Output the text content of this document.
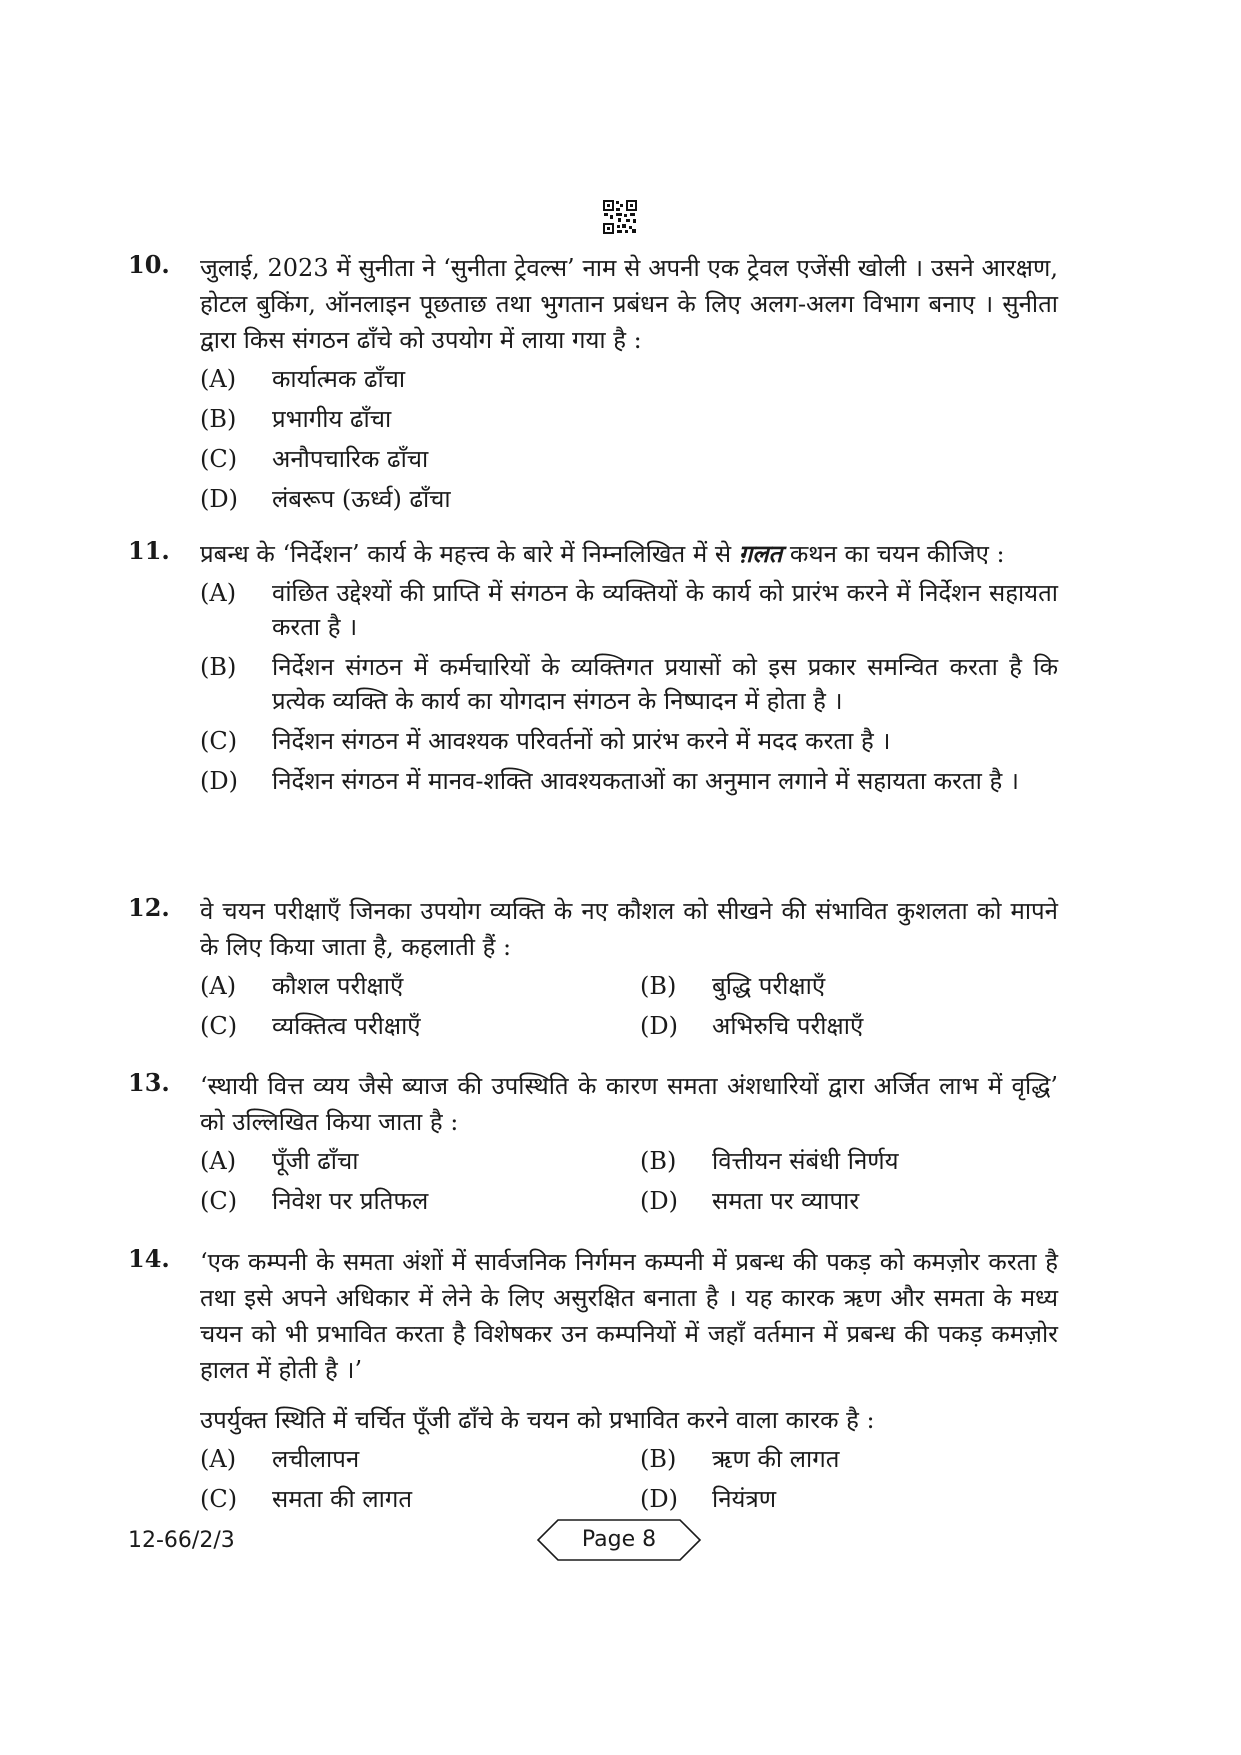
10. जुलाई, 2023 में सुनीता ने ‘सुनीता ट्रेवल्स’ नाम से अपनी एक ट्रेवल एजेंसी खोली । उसने आरक्षण, होटल बुकिंग, ऑनलाइन पूछताछ तथा भुगतान प्रबंधन के लिए अलग-अलग विभाग बनाए । सुनीता द्वारा किस संगठन ढाँचे को उपयोग में लाया गया है :
(A) कार्यात्मक ढाँचा
(B) प्रभागीय ढाँचा
(C) अनौपचारिक ढाँचा
(D) लंबरूप (ऊर्ध्व) ढाँचा
11. प्रबन्ध के ‘निर्देशन’ कार्य के महत्त्व के बारे में निम्नलिखित में से ग़लत कथन का चयन कीजिए :
(A) वांछित उद्देश्यों की प्राप्ति में संगठन के व्यक्तियों के कार्य को प्रारंभ करने में निर्देशन सहायता करता है ।
(B) निर्देशन संगठन में कर्मचारियों के व्यक्तिगत प्रयासों को इस प्रकार समन्वित करता है कि प्रत्येक व्यक्ति के कार्य का योगदान संगठन के निष्पादन में होता है ।
(C) निर्देशन संगठन में आवश्यक परिवर्तनों को प्रारंभ करने में मदद करता है ।
(D) निर्देशन संगठन में मानव-शक्ति आवश्यकताओं का अनुमान लगाने में सहायता करता है ।
12. वे चयन परीक्षाएँ जिनका उपयोग व्यक्ति के नए कौशल को सीखने की संभावित कुशलता को मापने के लिए किया जाता है, कहलाती हैं :
(A) कौशल परीक्षाएँ	(B) बुद्धि परीक्षाएँ
(C) व्यक्तित्व परीक्षाएँ	(D) अभिरुचि परीक्षाएँ
13. ‘स्थायी वित्त व्यय जैसे ब्याज की उपस्थिति के कारण समता अंशधारियों द्वारा अर्जित लाभ में वृद्धि’ को उल्लिखित किया जाता है :
(A) पूँजी ढाँचा	(B) वित्तीयन संबंधी निर्णय
(C) निवेश पर प्रतिफल	(D) समता पर व्यापार
14. ‘एक कम्पनी के समता अंशों में सार्वजनिक निर्गमन कम्पनी में प्रबन्ध की पकड़ को कमज़ोर करता है तथा इसे अपने अधिकार में लेने के लिए असुरक्षित बनाता है । यह कारक ऋण और समता के मध्य चयन को भी प्रभावित करता है विशेषकर उन कम्पनियों में जहाँ वर्तमान में प्रबन्ध की पकड़ कमज़ोर हालत में होती है ।’
उपर्युक्त स्थिति में चर्चित पूँजी ढाँचे के चयन को प्रभावित करने वाला कारक है :
(A) लचीलापन	(B) ऋण की लागत
(C) समता की लागत	(D) नियंत्रण
12-66/2/3	Page 8
